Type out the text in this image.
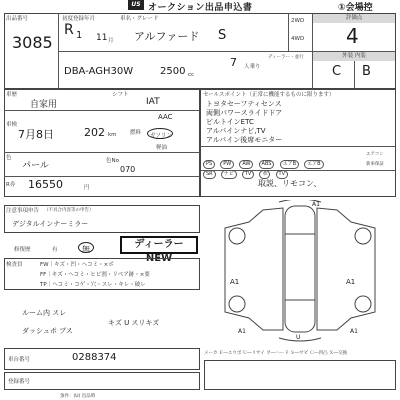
US オークション出品申込書	①会場控
出品番号
3085
初度登録年月
R 1 11 月
車名・グレード
アルファード S
2WD
4WD
評価点
4
外装 内装
C B
DBA-AGH30W	2500 cc
7 人乗り
ディーラー・並行
車歴
自家用
シフト
IAT
AAC
車検
7月8日	202 km 燃料 ガソリン
軽油
色
パール	色No
070
R券 16550	円
セールスポイント（正常に機能するものに限ります）
トヨタセーフティセンス
両側パワースライドドア
ビルトインETC
アルパインナビ,TV
アルパイン後席モニター
PS PW AW ABS エアB エアB
エアコン
SR ナビ TV 革 TV
新車保証
取説、リモコン、
注意事項申告 （不具合内容等の申告）
デジタルインナーミラー
修復歴	有	無	ディーラーNEW
検査員	FW｜キズ・凹・ヘコミ・×ボ
FF｜キズ・ヘコミ・ヒビ割・リペア跡・×要
TP｜ヘコミ・コゲ・穴・スレ・キレ・破レ
ルーム内 スレ
ダッシュボ ブス
キズ U スリキズ
A1
A1	A1
A1	A1
U
車台番号	0288374	メーカ Ｅ―ユウボ Ｕ―リサイ ヲ―ハード Ｓ―サビ Ｃ―凹凸 Ｘ―交換
登録番号
条件：(U) 出品時
